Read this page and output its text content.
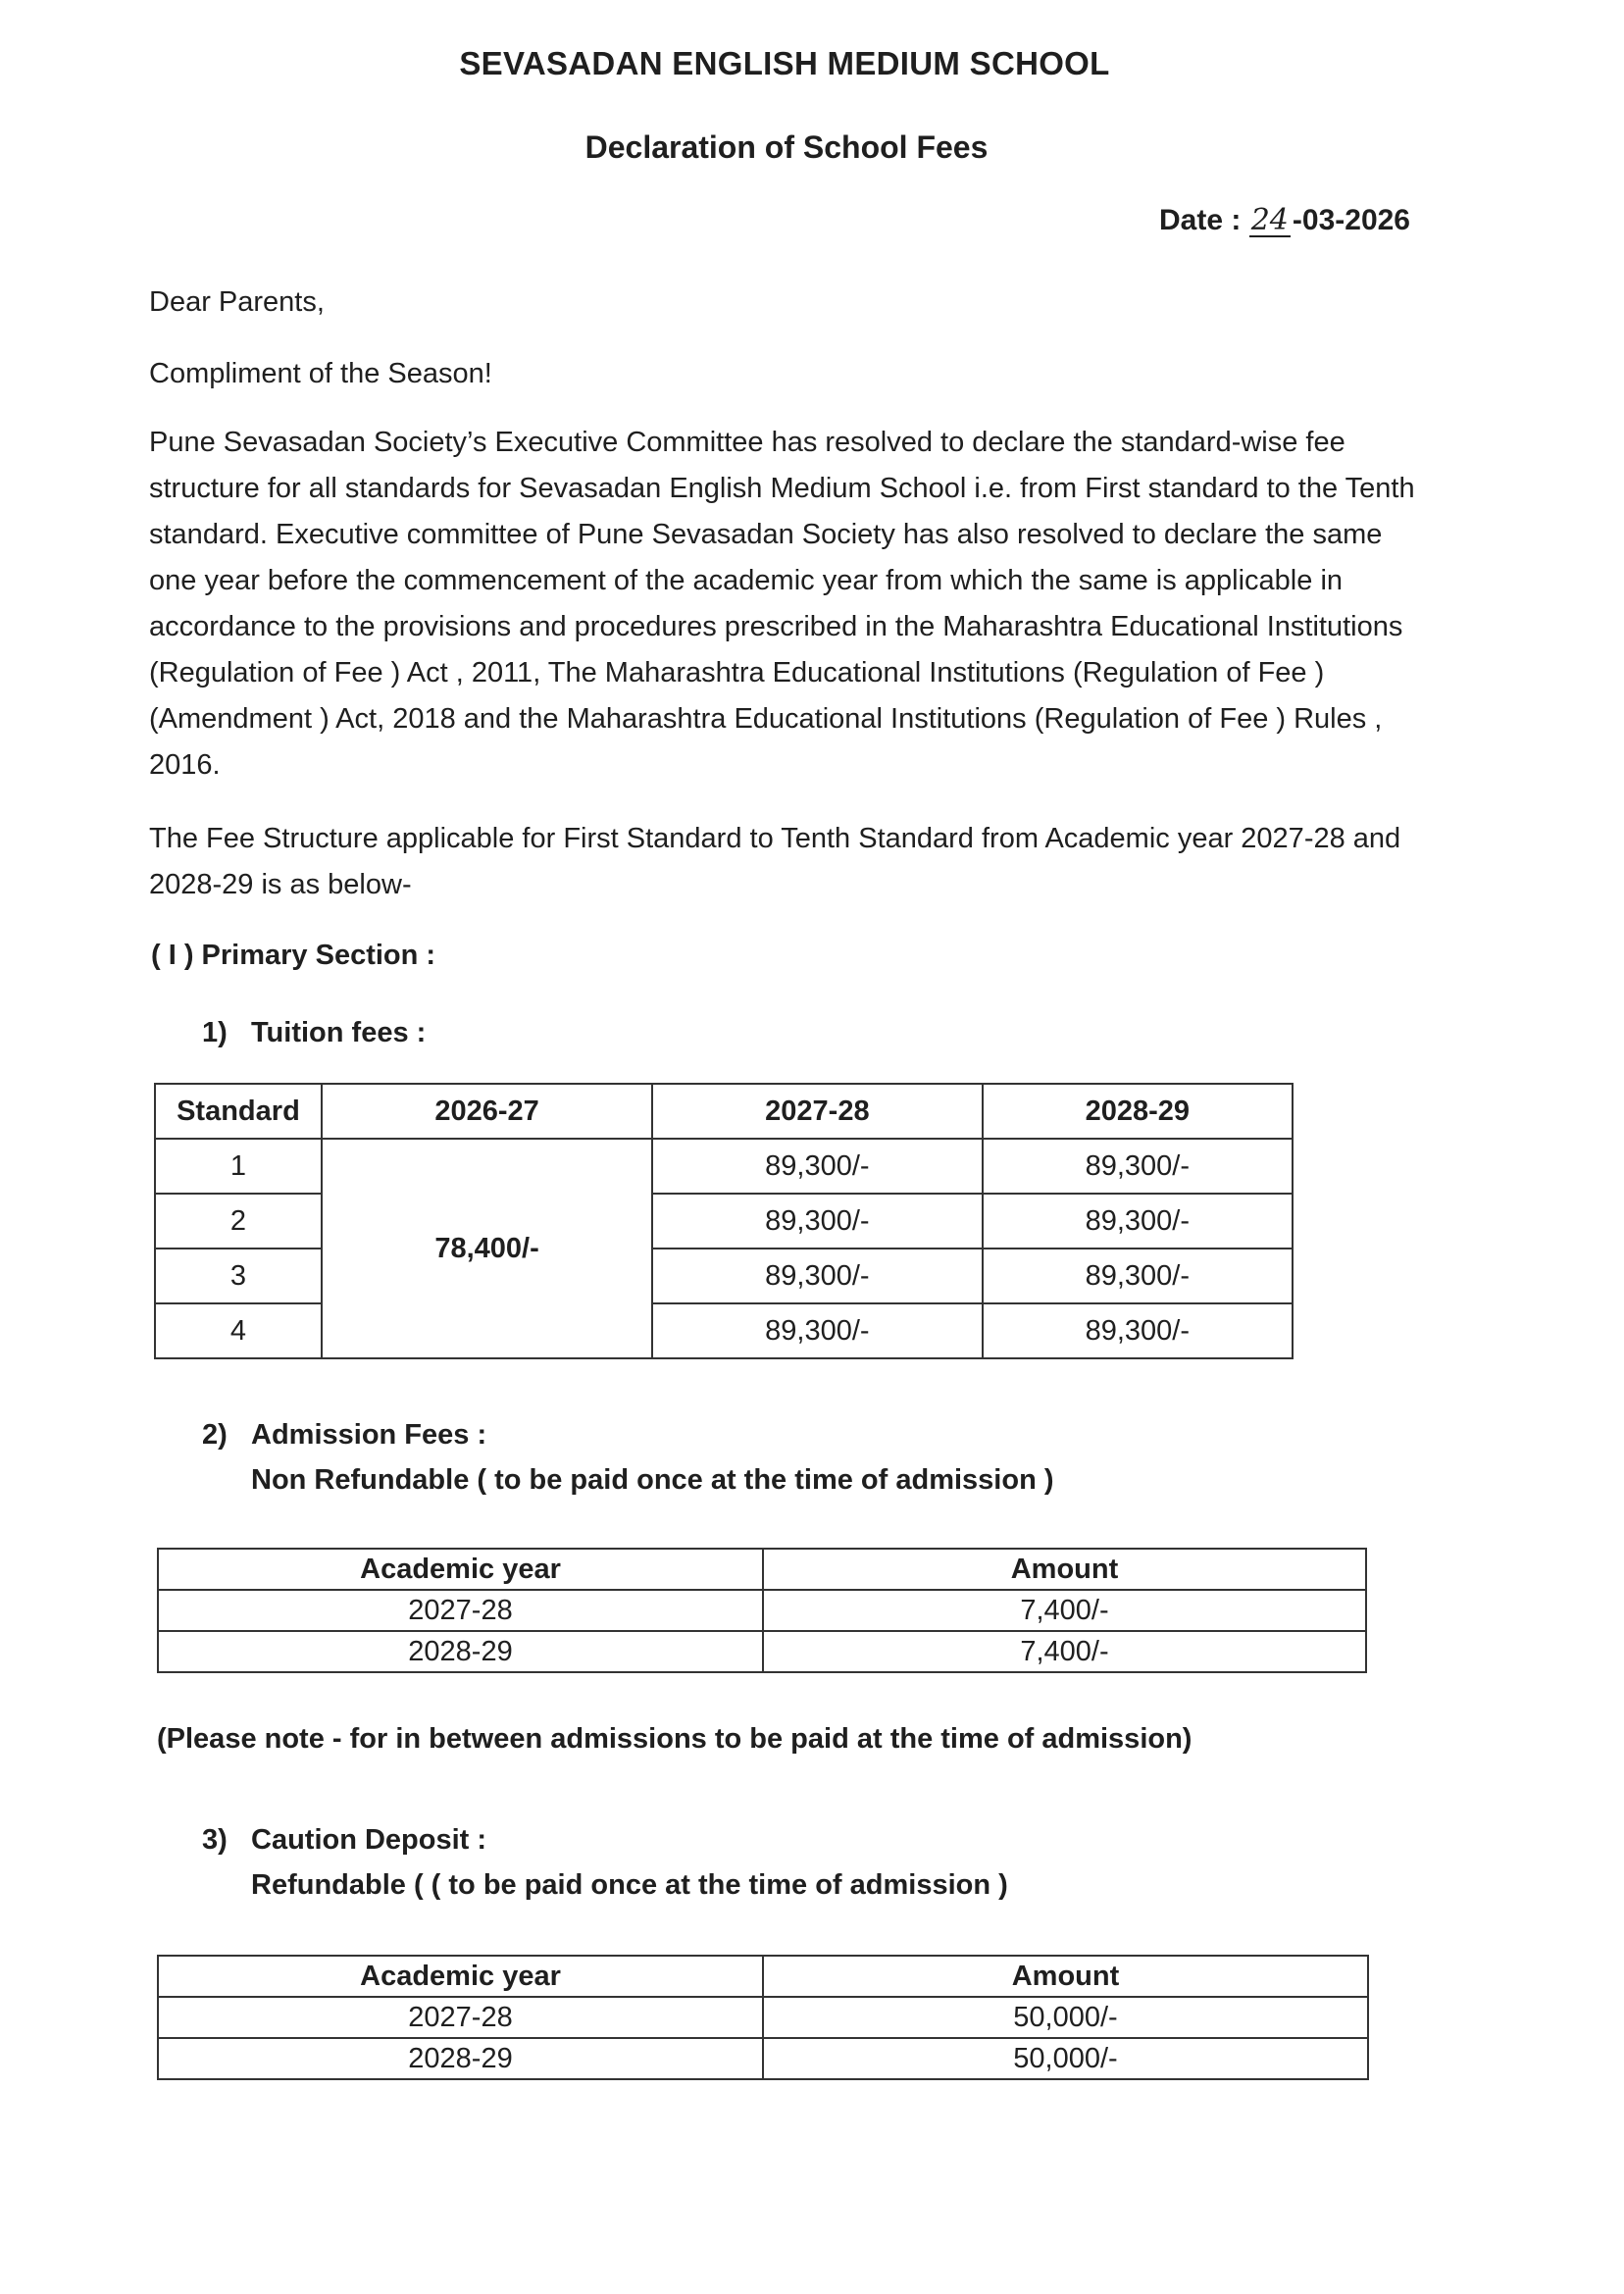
SEVASADAN ENGLISH MEDIUM SCHOOL
Declaration of School Fees
Date : 24 -03-2026

Dear Parents,

Compliment of the Season!

Pune Sevasadan Society’s Executive Committee has resolved to declare the standard-wise fee structure for all standards for Sevasadan English Medium School i.e. from First standard to the Tenth standard. Executive committee of Pune Sevasadan Society has also resolved to declare the same one year before the commencement of the academic year from which the same is applicable in accordance to the provisions and procedures prescribed in the Maharashtra Educational Institutions (Regulation of Fee ) Act , 2011, The Maharashtra Educational Institutions (Regulation of Fee ) (Amendment ) Act, 2018 and the Maharashtra Educational Institutions (Regulation of Fee ) Rules , 2016.

The Fee Structure applicable for First Standard to Tenth Standard from Academic year 2027-28 and 2028-29 is as below-

( I ) Primary Section :
1) Tuition fees :
Standard	2026-27	2027-28	2028-29
1	78,400/-	89,300/-	89,300/-
2		89,300/-	89,300/-
3		89,300/-	89,300/-
4		89,300/-	89,300/-
2) Admission Fees :
Non Refundable ( to be paid once at the time of admission )
Academic year	Amount
2027-28	7,400/-
2028-29	7,400/-
(Please note - for in between admissions to be paid at the time of admission)
3) Caution Deposit :
Refundable ( ( to be paid once at the time of admission )
Academic year	Amount
2027-28	50,000/-
2028-29	50,000/-
